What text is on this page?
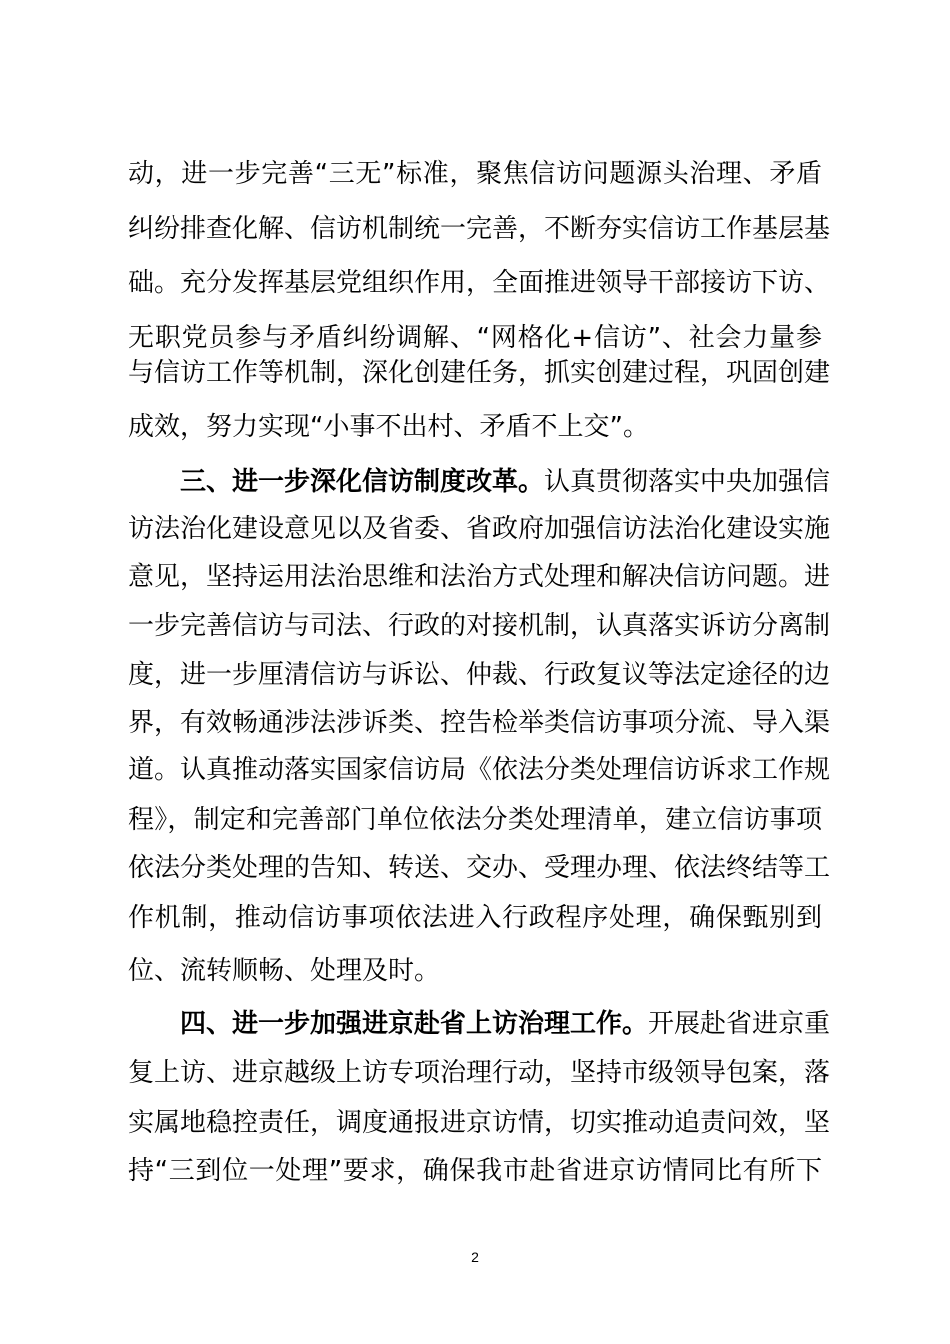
动，进一步完善“三无”标准，聚焦信访问题源头治理、矛盾
纠纷排查化解、信访机制统一完善，不断夯实信访工作基层基
础。充分发挥基层党组织作用，全面推进领导干部接访下访、
无职党员参与矛盾纠纷调解、“网格化+信访”、社会力量参
与信访工作等机制，深化创建任务，抓实创建过程，巩固创建
成效，努力实现“小事不出村、矛盾不上交”。
三、进一步深化信访制度改革。认真贯彻落实中央加强信
访法治化建设意见以及省委、省政府加强信访法治化建设实施
意见，坚持运用法治思维和法治方式处理和解决信访问题。进
一步完善信访与司法、行政的对接机制，认真落实诉访分离制
度，进一步厘清信访与诉讼、仲裁、行政复议等法定途径的边
界，有效畅通涉法涉诉类、控告检举类信访事项分流、导入渠
道。认真推动落实国家信访局《依法分类处理信访诉求工作规
程》，制定和完善部门单位依法分类处理清单，建立信访事项
依法分类处理的告知、转送、交办、受理办理、依法终结等工
作机制，推动信访事项依法进入行政程序处理，确保甄别到
位、流转顺畅、处理及时。
四、进一步加强进京赴省上访治理工作。开展赴省进京重
复上访、进京越级上访专项治理行动，坚持市级领导包案，落
实属地稳控责任，调度通报进京访情，切实推动追责问效，坚
持“三到位一处理”要求，确保我市赴省进京访情同比有所下
2
